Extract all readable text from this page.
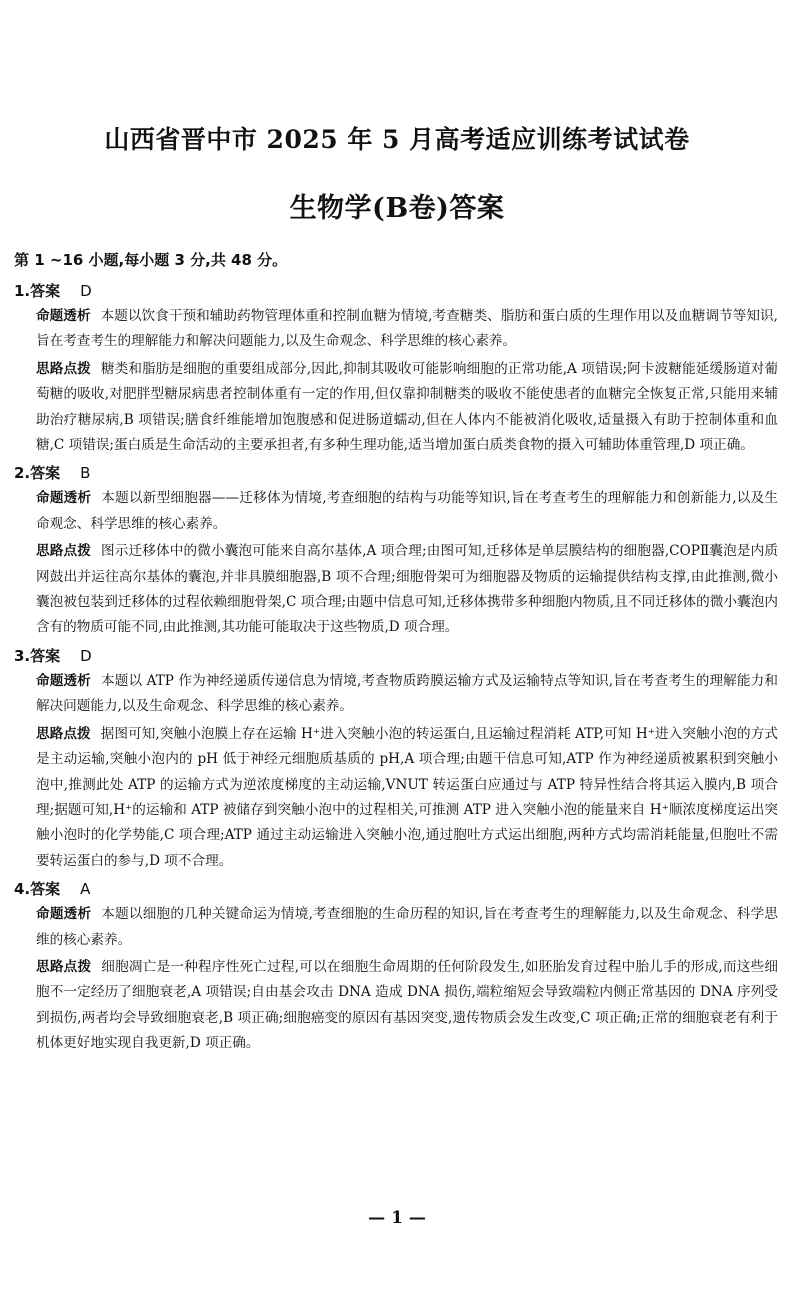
山西省晋中市 2025 年 5 月高考适应训练考试试卷
生物学(B卷)答案
第 1 ~16 小题,每小题 3 分,共 48 分。
1.答案 D
命题透析 本题以饮食干预和辅助药物管理体重和控制血糖为情境,考查糖类、脂肪和蛋白质的生理作用以及血糖调节等知识,旨在考查考生的理解能力和解决问题能力,以及生命观念、科学思维的核心素养。
思路点拨 糖类和脂肪是细胞的重要组成部分,因此,抑制其吸收可能影响细胞的正常功能,A 项错误;阿卡波糖能延缓肠道对葡萄糖的吸收,对肥胖型糖尿病患者控制体重有一定的作用,但仅靠抑制糖类的吸收不能使患者的血糖完全恢复正常,只能用来辅助治疗糖尿病,B 项错误;膳食纤维能增加饱腹感和促进肠道蠕动,但在人体内不能被消化吸收,适量摄入有助于控制体重和血糖,C 项错误;蛋白质是生命活动的主要承担者,有多种生理功能,适当增加蛋白质类食物的摄入可辅助体重管理,D 项正确。
2.答案 B
命题透析 本题以新型细胞器——迁移体为情境,考查细胞的结构与功能等知识,旨在考查考生的理解能力和创新能力,以及生命观念、科学思维的核心素养。
思路点拨 图示迁移体中的微小囊泡可能来自高尔基体,A 项合理;由图可知,迁移体是单层膜结构的细胞器,COPⅡ囊泡是内质网鼓出并运往高尔基体的囊泡,并非具膜细胞器,B 项不合理;细胞骨架可为细胞器及物质的运输提供结构支撑,由此推测,微小囊泡被包装到迁移体的过程依赖细胞骨架,C 项合理;由题中信息可知,迁移体携带多种细胞内物质,且不同迁移体的微小囊泡内含有的物质可能不同,由此推测,其功能可能取决于这些物质,D 项合理。
3.答案 D
命题透析 本题以 ATP 作为神经递质传递信息为情境,考查物质跨膜运输方式及运输特点等知识,旨在考查考生的理解能力和解决问题能力,以及生命观念、科学思维的核心素养。
思路点拨 据图可知,突触小泡膜上存在运输 H⁺进入突触小泡的转运蛋白,且运输过程消耗 ATP,可知 H⁺进入突触小泡的方式是主动运输,突触小泡内的 pH 低于神经元细胞质基质的 pH,A 项合理;由题干信息可知,ATP 作为神经递质被累积到突触小泡中,推测此处 ATP 的运输方式为逆浓度梯度的主动运输,VNUT 转运蛋白应通过与 ATP 特异性结合将其运入膜内,B 项合理;据题可知,H⁺的运输和 ATP 被储存到突触小泡中的过程相关,可推测 ATP 进入突触小泡的能量来自 H⁺顺浓度梯度运出突触小泡时的化学势能,C 项合理;ATP 通过主动运输进入突触小泡,通过胞吐方式运出细胞,两种方式均需消耗能量,但胞吐不需要转运蛋白的参与,D 项不合理。
4.答案 A
命题透析 本题以细胞的几种关键命运为情境,考查细胞的生命历程的知识,旨在考查考生的理解能力,以及生命观念、科学思维的核心素养。
思路点拨 细胞凋亡是一种程序性死亡过程,可以在细胞生命周期的任何阶段发生,如胚胎发育过程中胎儿手的形成,而这些细胞不一定经历了细胞衰老,A 项错误;自由基会攻击 DNA 造成 DNA 损伤,端粒缩短会导致端粒内侧正常基因的 DNA 序列受到损伤,两者均会导致细胞衰老,B 项正确;细胞癌变的原因有基因突变,遗传物质会发生改变,C 项正确;正常的细胞衰老有利于机体更好地实现自我更新,D 项正确。
— 1 —
